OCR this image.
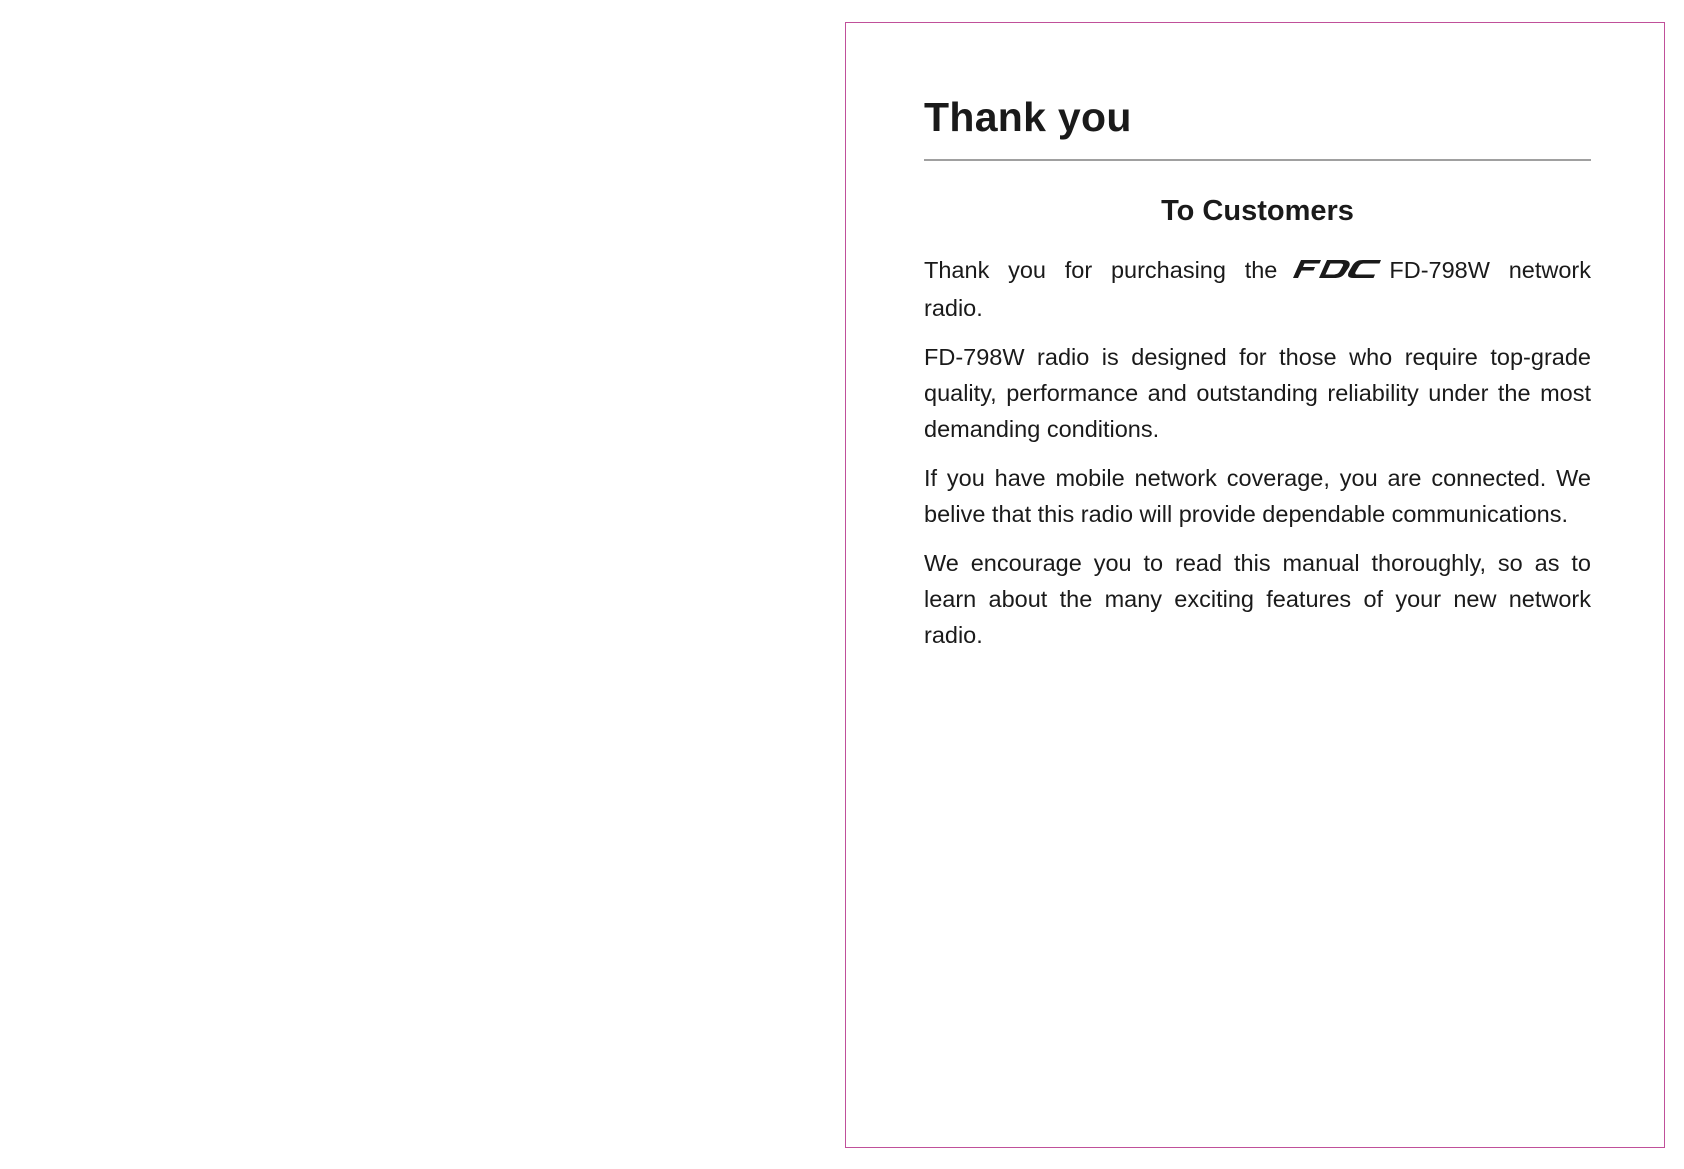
Thank you
To Customers

Thank you for purchasing the	FD-798W network radio.

FD-798W radio is designed for those who require top-grade quality, performance and outstanding reliability under the most demanding conditions.

If you have mobile network coverage, you are connected. We belive that this radio will provide dependable communications.

We encourage you to read this manual thoroughly, so as to learn about the many exciting features of your new network radio.
